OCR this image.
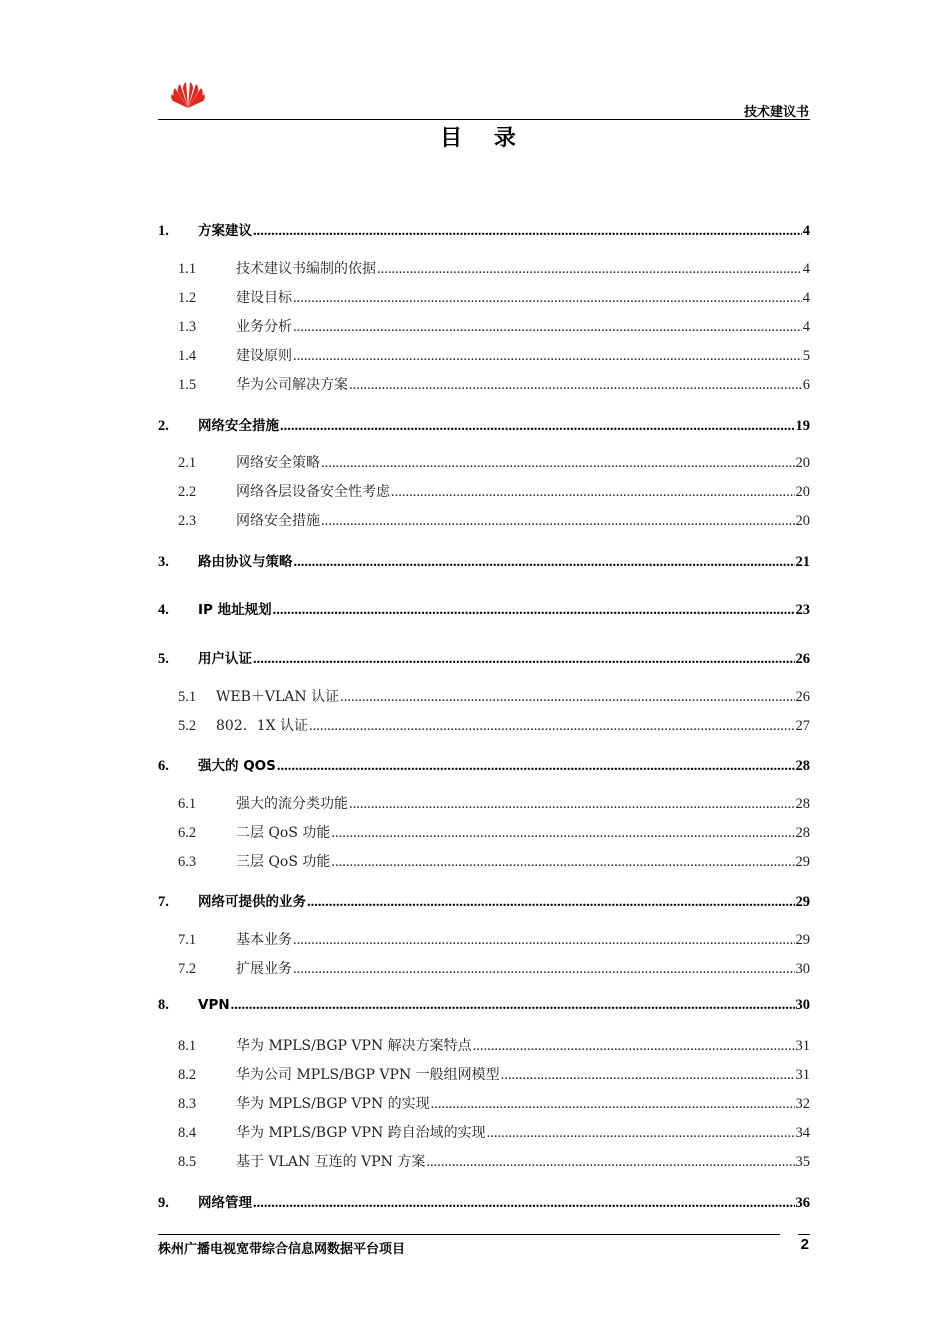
技术建议书
目 录
1.	方案建议 .....	4
1.1	技术建议书编制的依据 .....	4
1.2	建设目标 .....	4
1.3	业务分析 .....	4
1.4	建设原则 .....	5
1.5	华为公司解决方案 .....	6
2.	网络安全措施 .....	19
2.1	网络安全策略 .....	20
2.2	网络各层设备安全性考虑 .....	20
2.3	网络安全措施 .....	20
3.	路由协议与策略 .....	21
4.	IP 地址规划 .....	23
5.	用户认证 .....	26
5.1	WEB＋VLAN 认证 .....	26
5.2	802．1X 认证 .....	27
6.	强大的 QOS .....	28
6.1	强大的流分类功能 .....	28
6.2	二层 QoS 功能 .....	28
6.3	三层 QoS 功能 .....	29
7.	网络可提供的业务 .....	29
7.1	基本业务 .....	29
7.2	扩展业务 .....	30
8.	VPN .....	30
8.1	华为 MPLS/BGP VPN 解决方案特点 .....	31
8.2	华为公司 MPLS/BGP VPN 一般组网模型 .....	31
8.3	华为 MPLS/BGP VPN 的实现 .....	32
8.4	华为 MPLS/BGP VPN 跨自治域的实现 .....	34
8.5	基于 VLAN 互连的 VPN 方案 .....	35
9.	网络管理 .....	36
株州广播电视宽带综合信息网数据平台项目	2
